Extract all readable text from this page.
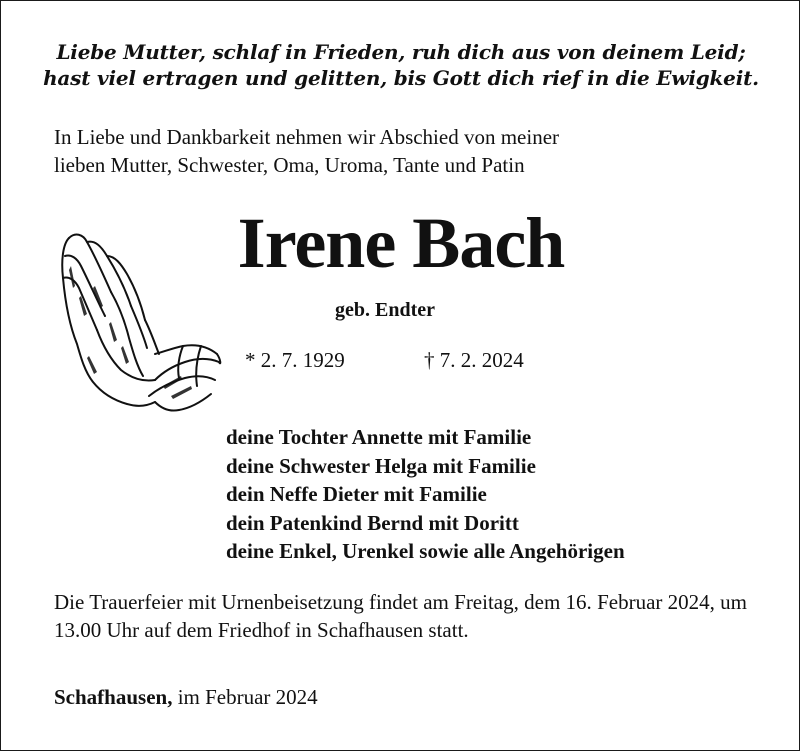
Liebe Mutter, schlaf in Frieden, ruh dich aus von deinem Leid;
hast viel ertragen und gelitten, bis Gott dich rief in die Ewigkeit.
In Liebe und Dankbarkeit nehmen wir Abschied von meiner
lieben Mutter, Schwester, Oma, Uroma, Tante und Patin
Irene Bach
geb. Endter
* 2. 7. 1929	† 7. 2. 2024
deine Tochter Annette mit Familie
deine Schwester Helga mit Familie
dein Neffe Dieter mit Familie
dein Patenkind Bernd mit Doritt
deine Enkel, Urenkel sowie alle Angehörigen
Die Trauerfeier mit Urnenbeisetzung findet am Freitag, dem 16. Februar 2024, um 13.00 Uhr auf dem Friedhof in Schafhausen statt.
Schafhausen, im Februar 2024
